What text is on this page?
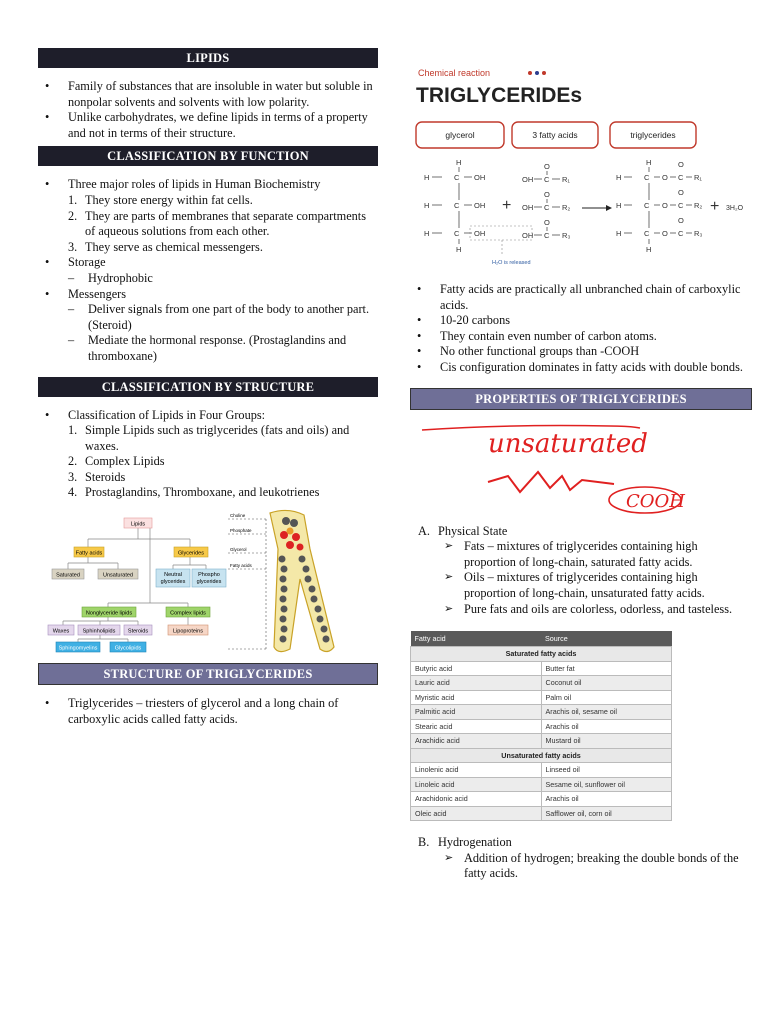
LIPIDS
• Family of substances that are insoluble in water but soluble in nonpolar solvents and solvents with low polarity.
• Unlike carbohydrates, we define lipids in terms of a property and not in terms of their structure.
CLASSIFICATION BY FUNCTION
• Three major roles of lipids in Human Biochemistry
1. They store energy within fat cells.
2. They are parts of membranes that separate compartments of aqueous solutions from each other.
3. They serve as chemical messengers.
• Storage
– Hydrophobic
• Messengers
– Deliver signals from one part of the body to another part. (Steroid)
– Mediate the hormonal response. (Prostaglandins and thromboxane)
CLASSIFICATION BY STRUCTURE
• Classification of Lipids in Four Groups:
1. Simple Lipids such as triglycerides (fats and oils) and waxes.
2. Complex Lipids
3. Steroids
4. Prostaglandins, Thromboxane, and leukotrienes
Lipids
Fatty acids	Glycerides
Saturated	Unsaturated	Neutral
glycerides
Phospho
glycerides
Nonglyceride lipids	Complex lipids
Waxes Sphinholipids Steroids	Lipoproteins
Sphingomyelins	Glycolipids
Choline
Phosphate
Glycerol
Fatty acids
STRUCTURE OF TRIGLYCERIDES
• Triglycerides – triesters of glycerol and a long chain of carboxylic acids called fatty acids.
Chemical reaction
TRIGLYCERIDEs
glycerol	3 fatty acids	triglycerides
H
H	C OH
H	C OH
H	C OH
H
+
OH C R₁
O
OH C R₂
O
OH C R₃
O
H
H	C O C R₁
O
H	C O C R₂
O
H	C O C R₃
O
H
+ 3H₂O
H₂O is released
• Fatty acids are practically all unbranched chain of carboxylic acids.
• 10-20 carbons
• They contain even number of carbon atoms.
• No other functional groups than -COOH
• Cis configuration dominates in fatty acids with double bonds.
PROPERTIES OF TRIGLYCERIDES
unsaturated
COOH
A. Physical State
➢ Fats – mixtures of triglycerides containing high proportion of long-chain, saturated fatty acids.
➢ Oils – mixtures of triglycerides containing high proportion of long-chain, unsaturated fatty acids.
➢ Pure fats and oils are colorless, odorless, and tasteless.
Fatty acid	Source
Saturated fatty acids	
Butyric acid	Butter fat
Lauric acid	Coconut oil
Myristic acid	Palm oil
Palmitic acid	Arachis oil, sesame oil
Stearic acid	Arachis oil
Arachidic acid	Mustard oil
Unsaturated fatty acids	
Linolenic acid	Linseed oil
Linoleic acid	Sesame oil, sunflower oil
Arachidonic acid	Arachis oil
Oleic acid	Safflower oil, corn oil
B. Hydrogenation
➢ Addition of hydrogen; breaking the double bonds of the fatty acids.
